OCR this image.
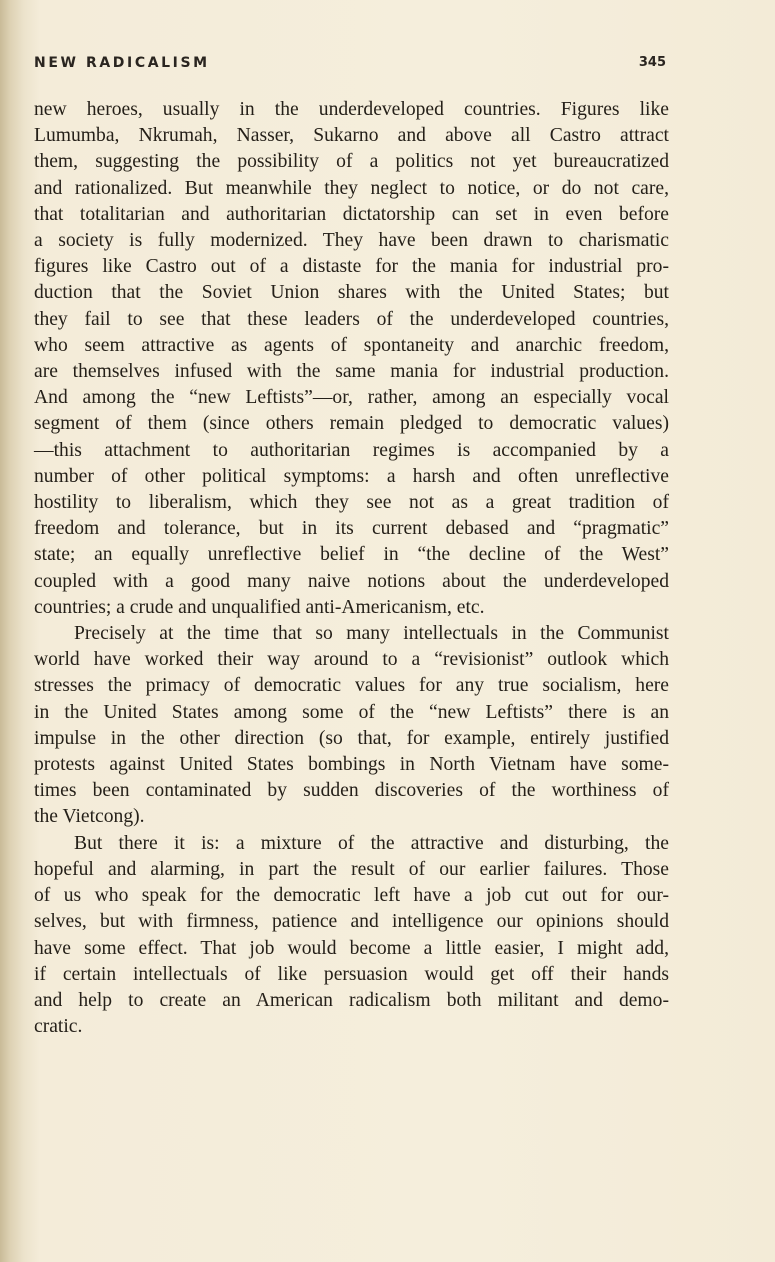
NEW RADICALISM	345

new heroes, usually in the underdeveloped countries. Figures like

Lumumba, Nkrumah, Nasser, Sukarno and above all Castro attract

them, suggesting the possibility of a politics not yet bureaucratized

and rationalized. But meanwhile they neglect to notice, or do not care,

that totalitarian and authoritarian dictatorship can set in even before

a society is fully modernized. They have been drawn to charismatic

figures like Castro out of a distaste for the mania for industrial pro-

duction that the Soviet Union shares with the United States; but

they fail to see that these leaders of the underdeveloped countries,

who seem attractive as agents of spontaneity and anarchic freedom,

are themselves infused with the same mania for industrial production.

And among the “new Leftists”—or, rather, among an especially vocal

segment of them (since others remain pledged to democratic values)

—this attachment to authoritarian regimes is accompanied by a

number of other political symptoms: a harsh and often unreflective

hostility to liberalism, which they see not as a great tradition of

freedom and tolerance, but in its current debased and “pragmatic”

state; an equally unreflective belief in “the decline of the West”

coupled with a good many naive notions about the underdeveloped

countries; a crude and unqualified anti-Americanism, etc.

Precisely at the time that so many intellectuals in the Communist

world have worked their way around to a “revisionist” outlook which

stresses the primacy of democratic values for any true socialism, here

in the United States among some of the “new Leftists” there is an

impulse in the other direction (so that, for example, entirely justified

protests against United States bombings in North Vietnam have some-

times been contaminated by sudden discoveries of the worthiness of

the Vietcong).

But there it is: a mixture of the attractive and disturbing, the

hopeful and alarming, in part the result of our earlier failures. Those

of us who speak for the democratic left have a job cut out for our-

selves, but with firmness, patience and intelligence our opinions should

have some effect. That job would become a little easier, I might add,

if certain intellectuals of like persuasion would get off their hands

and help to create an American radicalism both militant and demo-

cratic.
